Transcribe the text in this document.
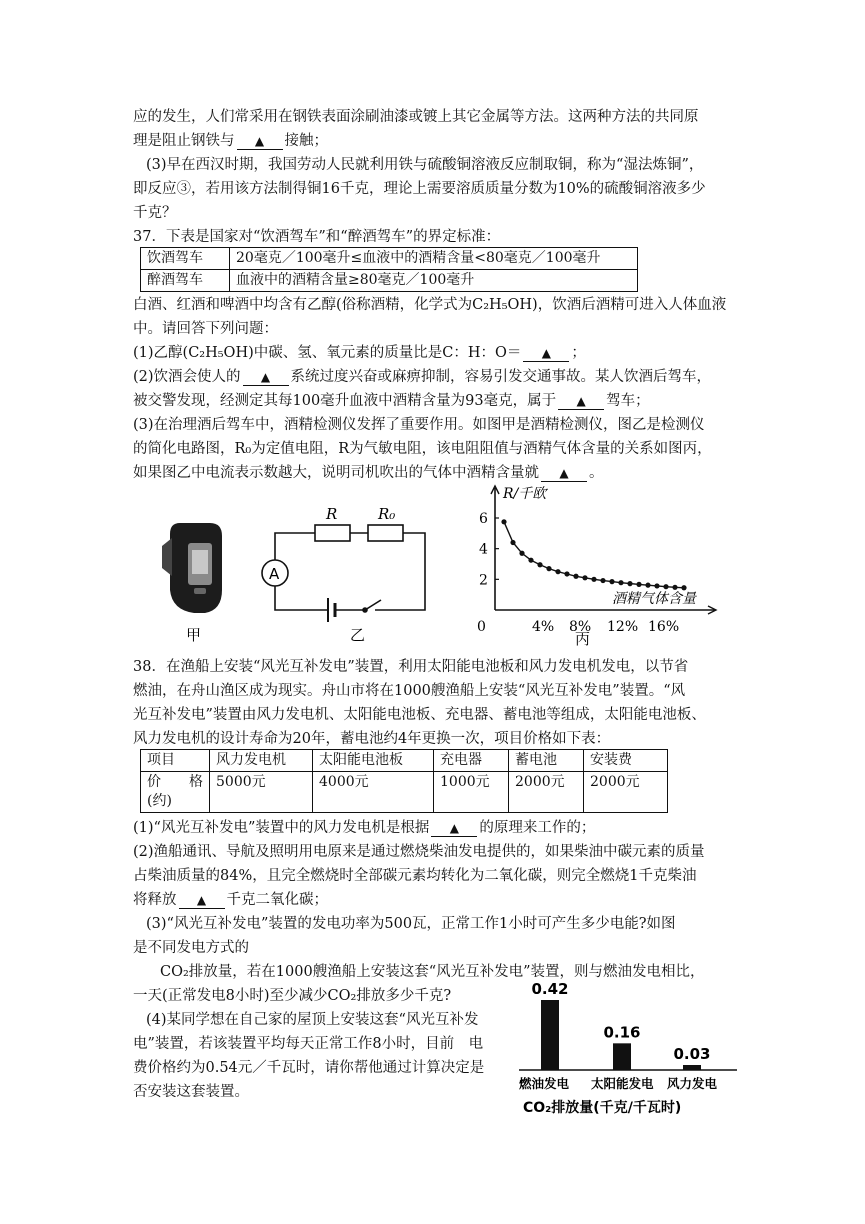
应的发生，人们常采用在钢铁表面涂刷油漆或镀上其它金属等方法。这两种方法的共同原
理是阻止钢铁与 ▲ 接触；
(3)早在西汉时期，我国劳动人民就利用铁与硫酸铜溶液反应制取铜，称为“湿法炼铜”，
即反应③，若用该方法制得铜16千克，理论上需要溶质质量分数为10%的硫酸铜溶液多少
千克？
37．下表是国家对“饮酒驾车”和“醉酒驾车”的界定标准：
饮酒驾车	20毫克／100毫升≤血液中的酒精含量<80毫克／100毫升
醉酒驾车	血液中的酒精含量≥80毫克／100毫升
白酒、红酒和啤酒中均含有乙醇(俗称酒精，化学式为C₂H₅OH)，饮酒后酒精可进入人体血液
中。请回答下列问题：
(1)乙醇(C₂H₅OH)中碳、氢、氧元素的质量比是C：H：O＝ ▲ ；
(2)饮酒会使人的 ▲ 系统过度兴奋或麻痹抑制，容易引发交通事故。某人饮酒后驾车，
被交警发现，经测定其每100毫升血液中酒精含量为93毫克，属于 ▲ 驾车；
(3)在治理酒后驾车中，酒精检测仪发挥了重要作用。如图甲是酒精检测仪，图乙是检测仪
的简化电路图，R₀为定值电阻，R为气敏电阻，该电阻阻值与酒精气体含量的关系如图丙，
如果图乙中电流表示数越大，说明司机吹出的气体中酒精含量就 ▲ 。
甲
A
R	R₀
乙
R/千欧
酒精气体含量
丙
2
4
6
0	4% 8% 12% 16%
38．在渔船上安装“风光互补发电”装置，利用太阳能电池板和风力发电机发电，以节省
燃油，在舟山渔区成为现实。舟山市将在1000艘渔船上安装“风光互补发电”装置。“风
光互补发电”装置由风力发电机、太阳能电池板、充电器、蓄电池等组成，太阳能电池板、
风力发电机的设计寿命为20年，蓄电池约4年更换一次，项目价格如下表：
项目	风力发电机	太阳能电池板	充电器	蓄电池	安装费

价　　格
(约)	5000元	4000元	1000元	2000元	2000元
(1)“风光互补发电”装置中的风力发电机是根据 ▲ 的原理来工作的；
(2)渔船通讯、导航及照明用电原来是通过燃烧柴油发电提供的，如果柴油中碳元素的质量
占柴油质量的84%，且完全燃烧时全部碳元素均转化为二氧化碳，则完全燃烧1千克柴油
将释放 ▲ 千克二氧化碳；
(3)“风光互补发电”装置的发电功率为500瓦，正常工作1小时可产生多少电能?如图
是不同发电方式的
CO₂排放量，若在1000艘渔船上安装这套“风光互补发电”装置，则与燃油发电相比，
一天(正常发电8小时)至少减少CO₂排放多少千克?
(4)某同学想在自己家的屋顶上安装这套“风光互补发
电”装置，若该装置平均每天正常工作8小时，目前　电
费价格约为0.54元／千瓦时，请你帮他通过计算决定是
否安装这套装置。
CO₂排放量(千克/千瓦时)
0.42
燃油发电
0.16
太阳能发电
0.03
风力发电
